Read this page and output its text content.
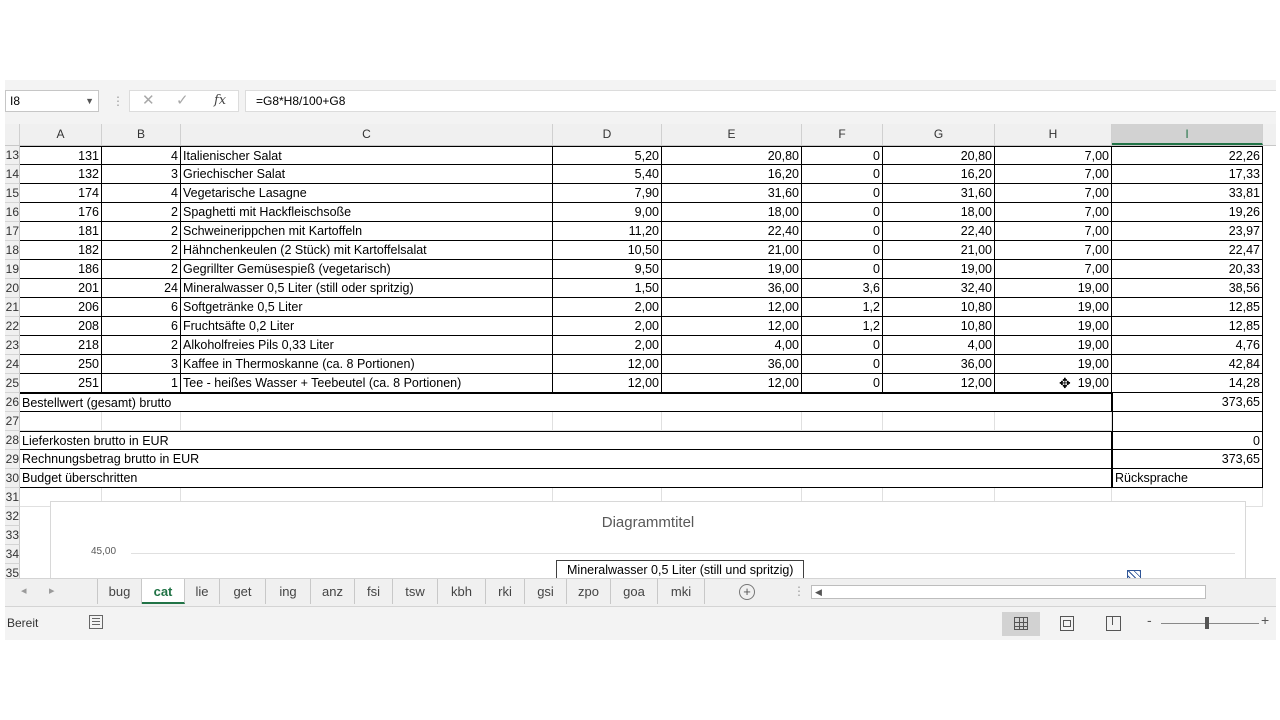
I8	▼ ⋮ ✕ ✓ fx	=G8*H8/100+G8
A	B	C	D	E	F	G	H	I
13	131	4 Italienischer Salat	5,20	20,80	0	20,80	7,00	22,26
14	132	3 Griechischer Salat	5,40	16,20	0	16,20	7,00	17,33
15	174	4 Vegetarische Lasagne	7,90	31,60	0	31,60	7,00	33,81
16	176	2 Spaghetti mit Hackfleischsoße	9,00	18,00	0	18,00	7,00	19,26
17	181	2 Schweinerippchen mit Kartoffeln	11,20	22,40	0	22,40	7,00	23,97
18	182	2 Hähnchenkeulen (2 Stück) mit Kartoffelsalat	10,50	21,00	0	21,00	7,00	22,47
19	186	2 Gegrillter Gemüsespieß (vegetarisch)	9,50	19,00	0	19,00	7,00	20,33
20	201	24 Mineralwasser 0,5 Liter (still oder spritzig)	1,50	36,00	3,6	32,40	19,00	38,56
21	206	6 Softgetränke 0,5 Liter	2,00	12,00	1,2	10,80	19,00	12,85
22	208	6 Fruchtsäfte 0,2 Liter	2,00	12,00	1,2	10,80	19,00	12,85
23	218	2 Alkoholfreies Pils 0,33 Liter	2,00	4,00	0	4,00	19,00	4,76
24	250	3 Kaffee in Thermoskanne (ca. 8 Portionen)	12,00	36,00	0	36,00	19,00	42,84
25	251	1 Tee - heißes Wasser + Teebeutel (ca. 8 Portionen)	12,00	12,00	0	12,00	19,00	14,28
✥
26 Bestellwert (gesamt) brutto	373,65
27
28 Lieferkosten brutto in EUR	0
29 Rechnungsbetrag brutto in EUR	373,65
30 Budget überschritten	Rücksprache
31
32
33
34
35
Diagrammtitel
45,00
Mineralwasser 0,5 Liter (still und spritzig)
◂ ▸	bug	cat	lie	get	ing	anz	fsi	tsw	kbh	rki	gsi	zpo	goa	mki	+	⋮ ◀
Bereit	-	+
